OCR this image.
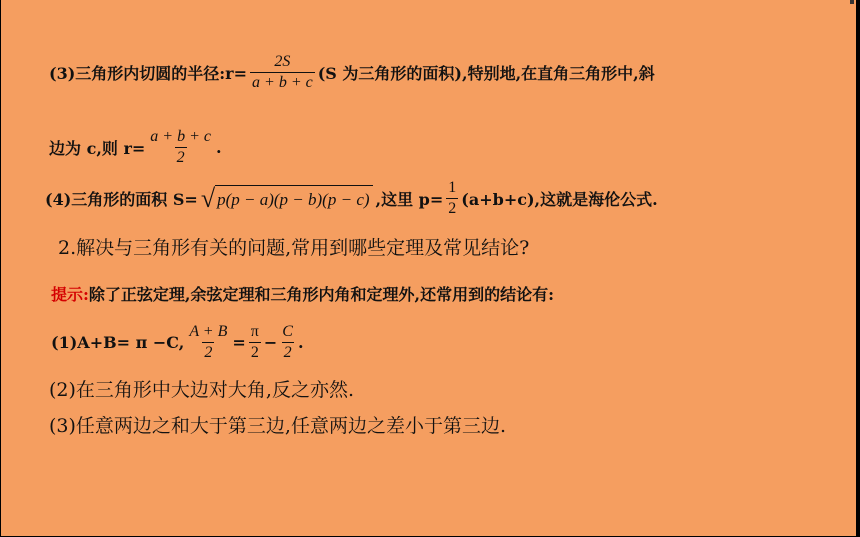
(3)三角形内切圆的半径:r= $\frac{2S}{a + b + c} (S$ 为三角形的面积),特别地,在直角三角形中,斜
边为 c,则 $r= \frac{a + b + c}{2}$ .
(4)三角形的面积 S= √ p(p − a)(p − b)(p − c) ,这里 $p= \frac{1}{2} (a+b+c)$,这就是海伦公式.
2.解决与三角形有关的问题,常用到哪些定理及常见结论?
提示: 除了正弦定理,余弦定理和三角形内角和定理外,还常用到的结论有:
(1)A+B= π −C, $\frac{A + B}{2} = \frac{\pi}{2} - \frac{C}{2}$ .
(2)在三角形中大边对大角,反之亦然.
(3)任意两边之和大于第三边,任意两边之差小于第三边.
